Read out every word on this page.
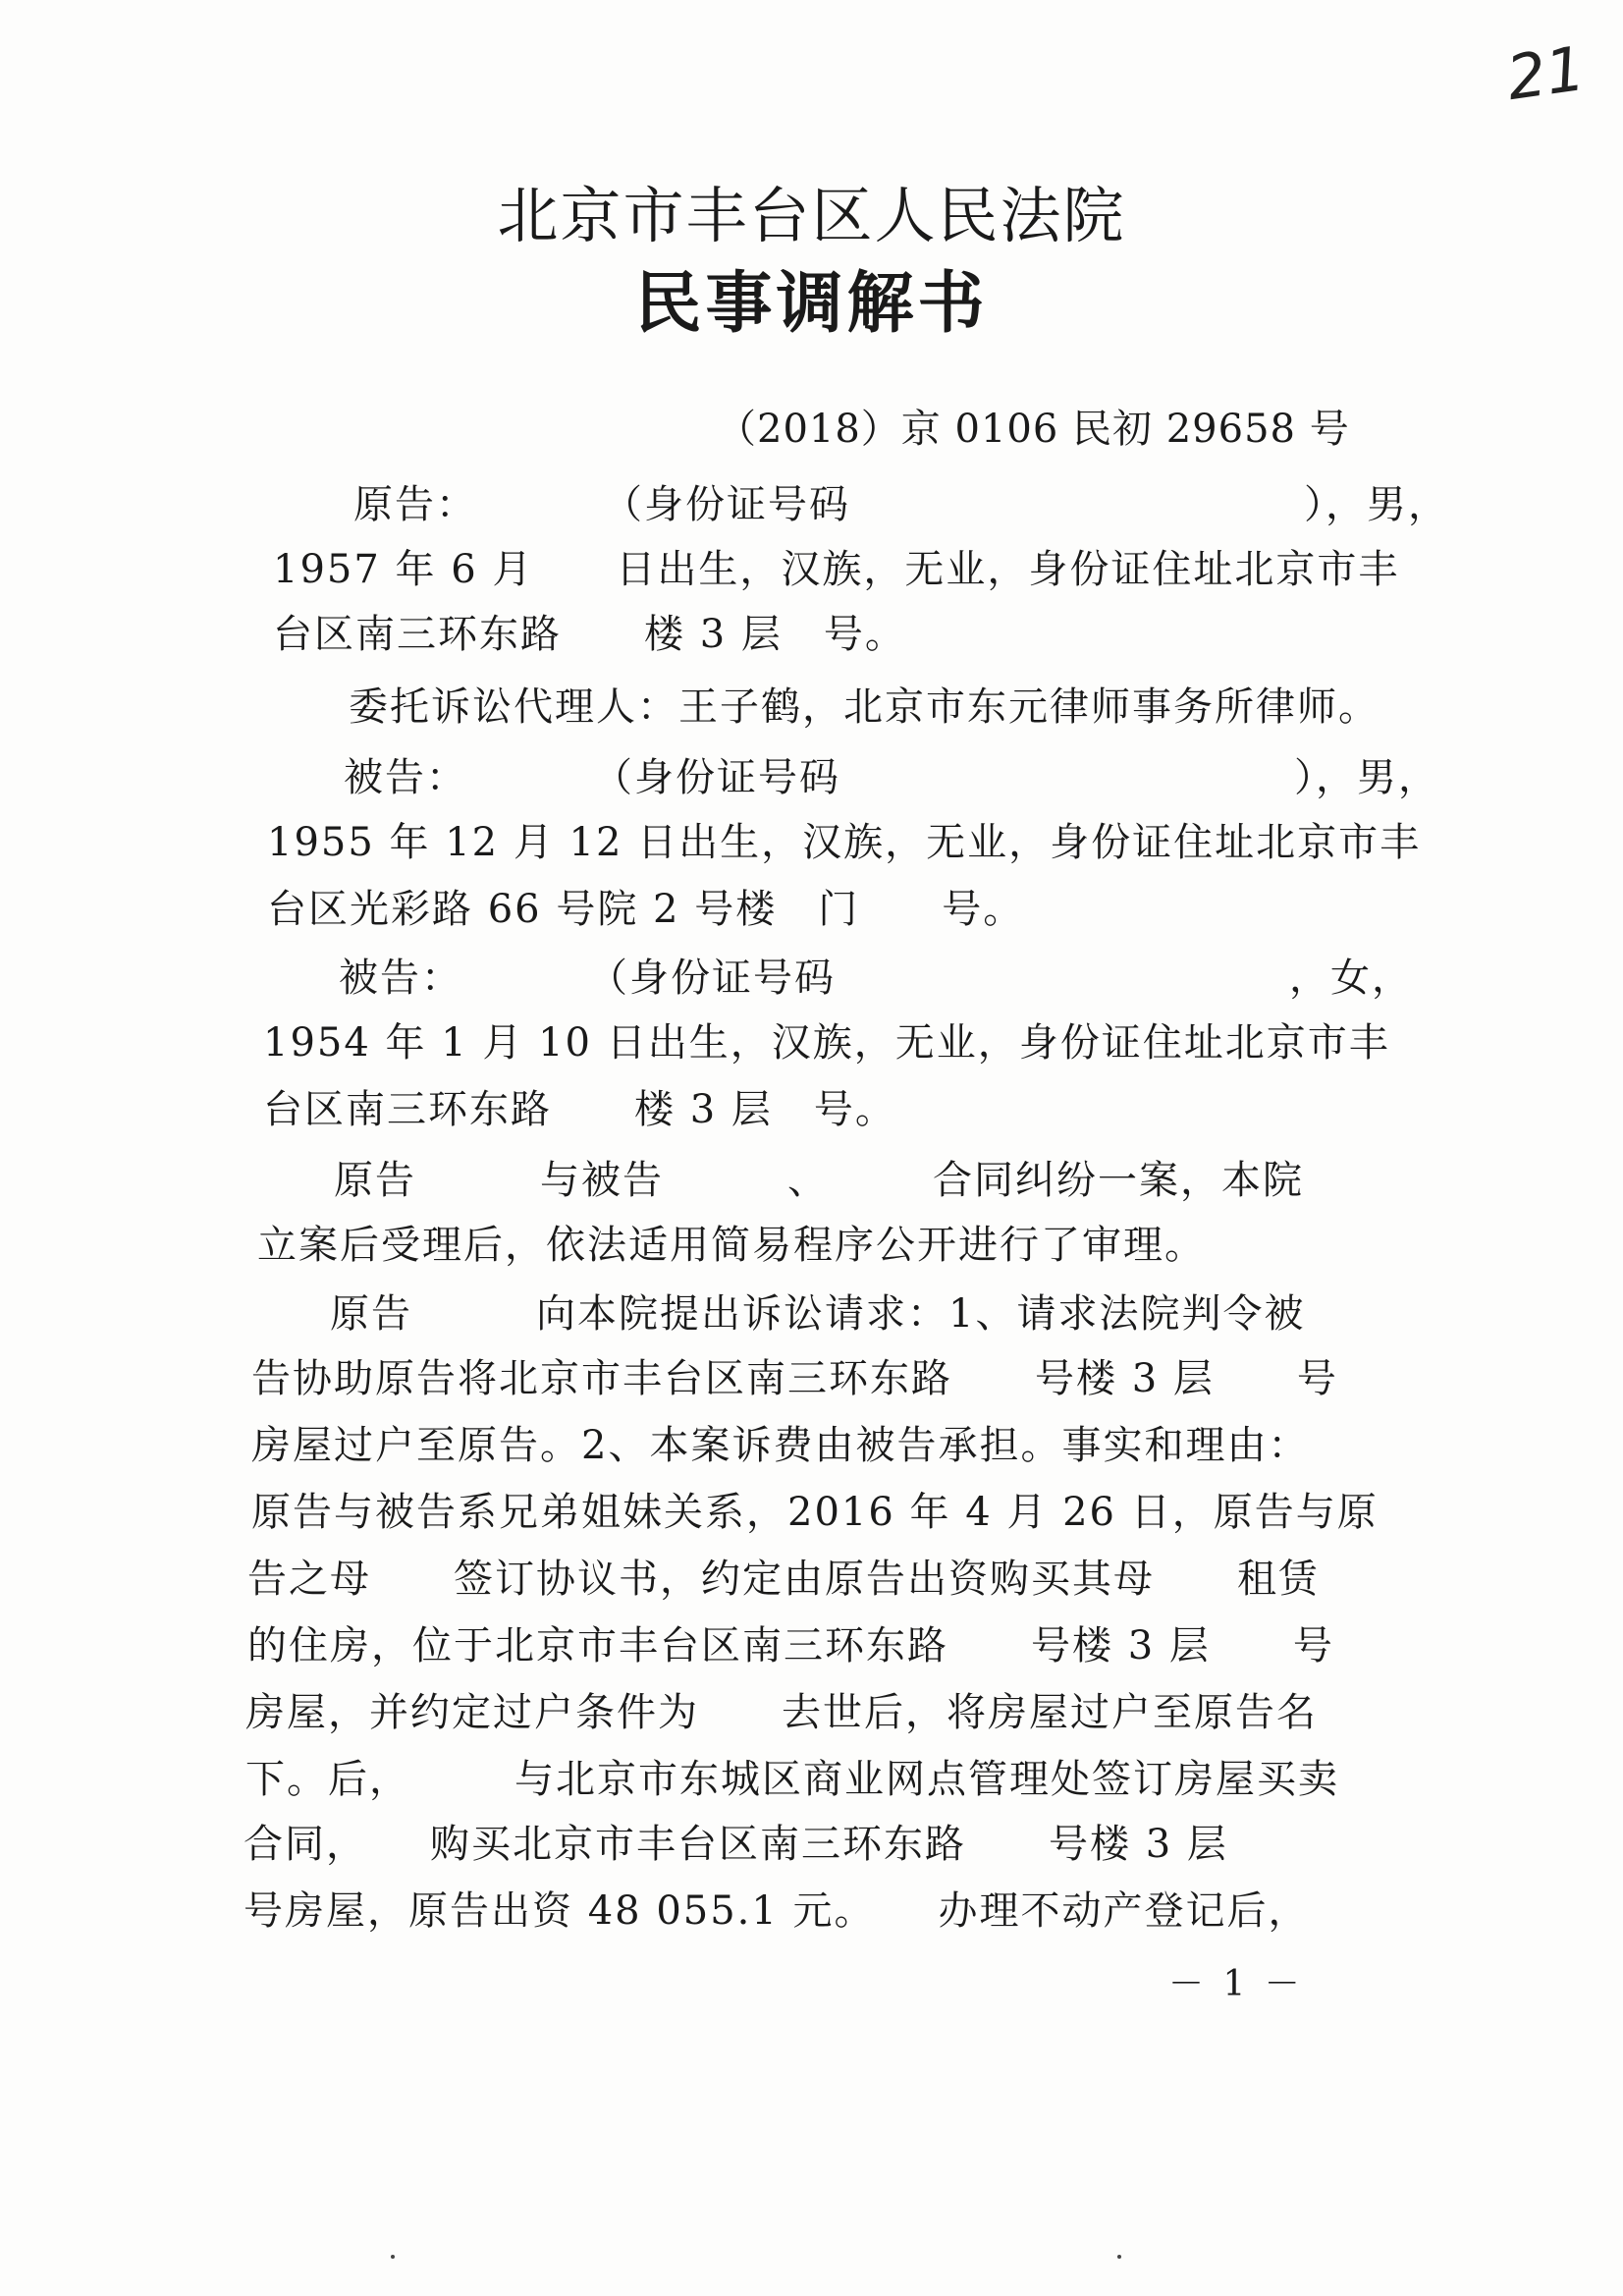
21
北京市丰台区人民法院
民事调解书
（2018）京 0106 民初 29658 号
原告：　　　　（身份证号码　　　　　　　　　　　），男，
1957 年 6 月　　日出生，汉族，无业，身份证住址北京市丰
台区南三环东路　　楼 3 层　号。
委托诉讼代理人：王子鹤，北京市东元律师事务所律师。
被告：　　　　（身份证号码　　　　　　　　　　　），男，
1955 年 12 月 12 日出生，汉族，无业，身份证住址北京市丰
台区光彩路 66 号院 2 号楼　门　　号。
被告：　　　　（身份证号码　　　　　　　　　　　，女，
1954 年 1 月 10 日出生，汉族，无业，身份证住址北京市丰
台区南三环东路　　楼 3 层　号。
原告　　　与被告　　　、　　　合同纠纷一案，本院
立案后受理后，依法适用简易程序公开进行了审理。
原告　　　向本院提出诉讼请求：1、请求法院判令被
告协助原告将北京市丰台区南三环东路　　号楼 3 层　　号
房屋过户至原告。2、本案诉费由被告承担。事实和理由：
原告与被告系兄弟姐妹关系，2016 年 4 月 26 日，原告与原
告之母　　签订协议书，约定由原告出资购买其母　　租赁
的住房，位于北京市丰台区南三环东路　　号楼 3 层　　号
房屋，并约定过户条件为　　去世后，将房屋过户至原告名
下。后，　　　与北京市东城区商业网点管理处签订房屋买卖
合同，　　购买北京市丰台区南三环东路　　号楼 3 层
号房屋，原告出资 48 055.1 元。　　办理不动产登记后，
－ 1 －
